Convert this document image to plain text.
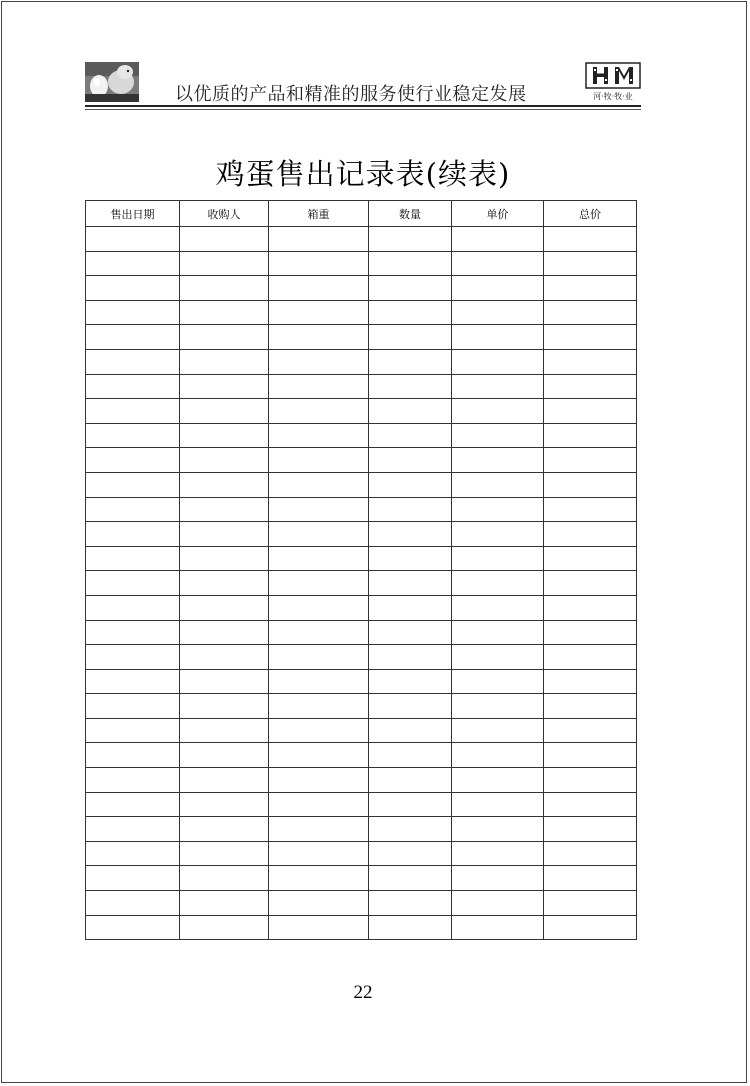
以优质的产品和精准的服务使行业稳定发展	河·牧·牧·业
鸡蛋售出记录表(续表)
售出日期	收购人	箱重	数量	单价	总价

22
